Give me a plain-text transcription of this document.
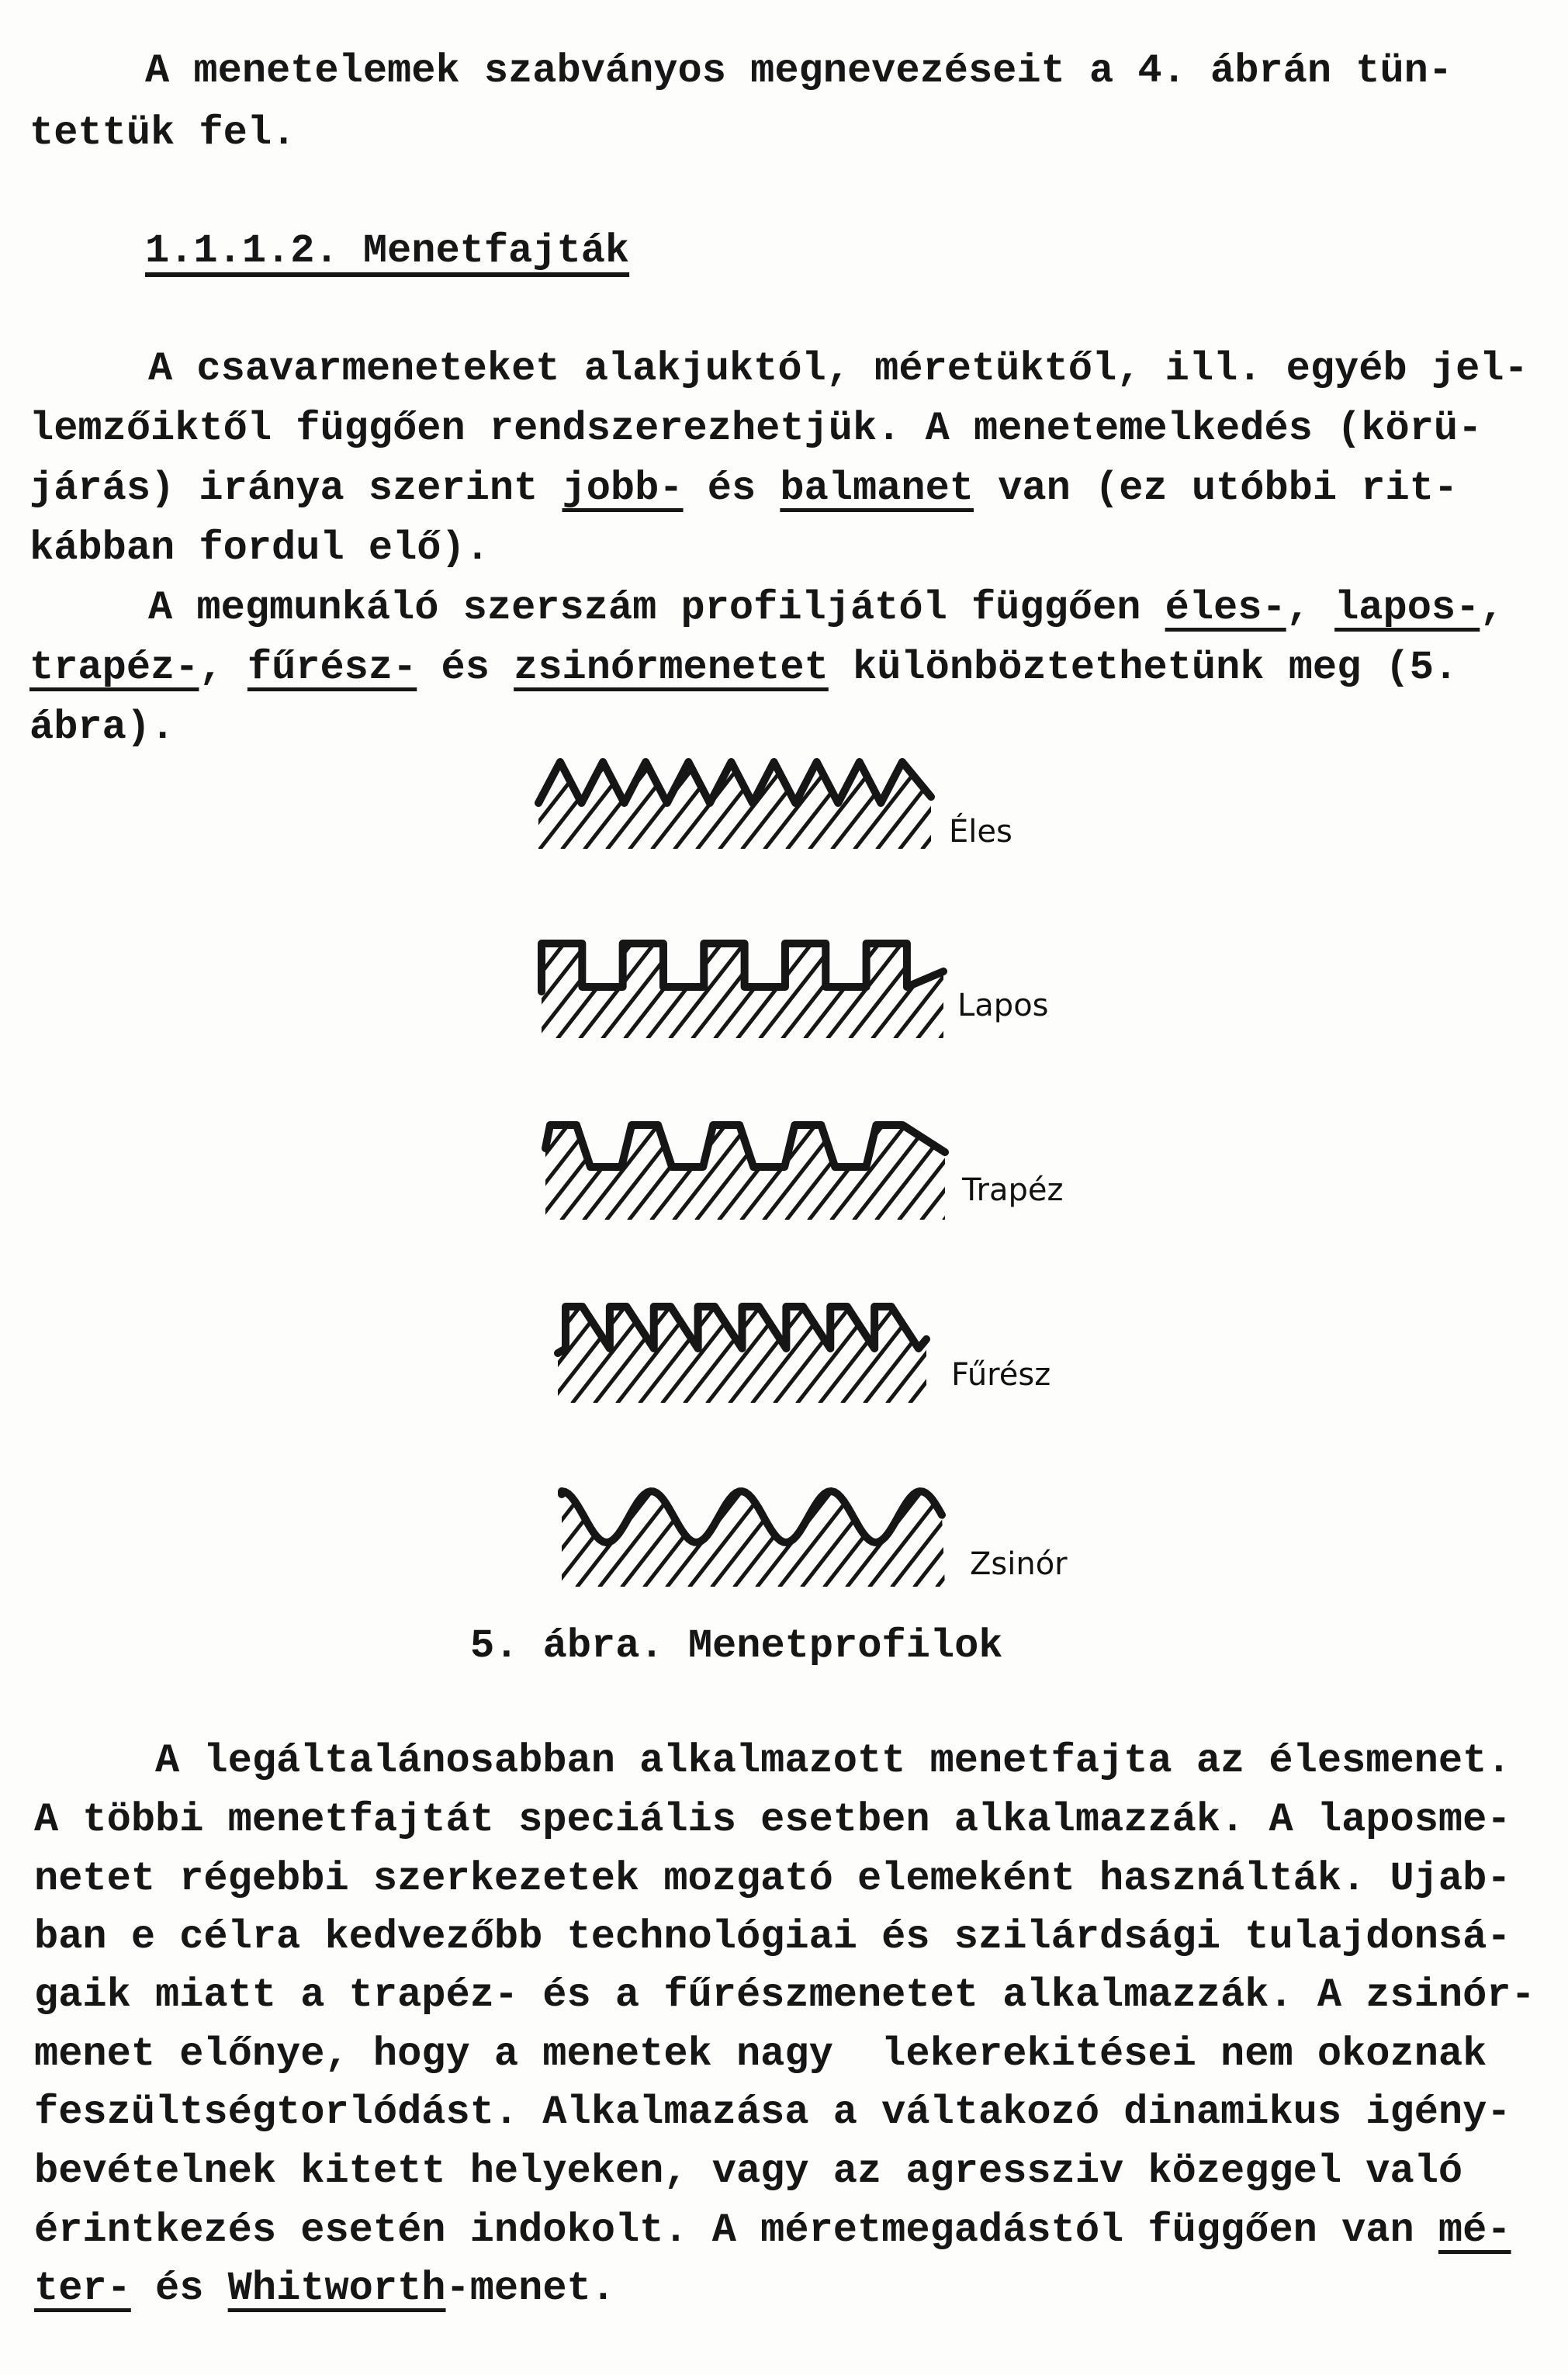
A menetelemek szabványos megnevezéseit a 4. ábrán tün-
tettük fel.
1.1.1.2. Menetfajták
A csavarmeneteket alakjuktól, méretüktől, ill. egyéb jel-
lemzőiktől függően rendszerezhetjük. A menetemelkedés (körü-
járás) iránya szerint jobb- és balmanet van (ez utóbbi rit-
kábban fordul elő).
A megmunkáló szerszám profiljától függően éles-, lapos-,
trapéz-, fűrész- és zsinórmenetet különböztethetünk meg (5.
ábra).
Éles
Lapos
Trapéz
Fűrész
Zsinór
5. ábra. Menetprofilok
A legáltalánosabban alkalmazott menetfajta az élesmenet.
A többi menetfajtát speciális esetben alkalmazzák. A laposme-
netet régebbi szerkezetek mozgató elemeként használták. Ujab-
ban e célra kedvezőbb technológiai és szilárdsági tulajdonsá-
gaik miatt a trapéz- és a fűrészmenetet alkalmazzák. A zsinór-
menet előnye, hogy a menetek nagy  lekerekitései nem okoznak
feszültségtorlódást. Alkalmazása a váltakozó dinamikus igény-
bevételnek kitett helyeken, vagy az agressziv közeggel való
érintkezés esetén indokolt. A méretmegadástól függően van mé-
ter- és Whitworth-menet.
